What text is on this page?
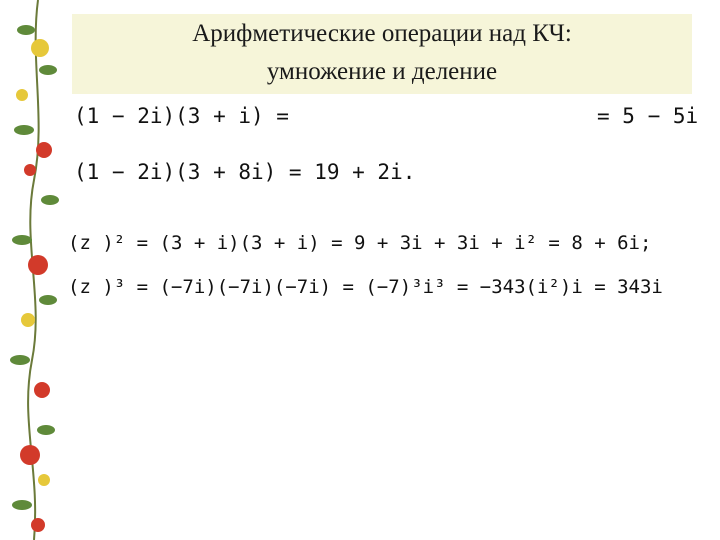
Арифметические операции над КЧ:
умножение и деление
(1 − 2i)(3 + i) =	= 5 − 5i
(1 − 2i)(3 + 8i) = 19 + 2i.
(z )² = (3 + i)(3 + i) = 9 + 3i + 3i + i² = 8 + 6i;
(z )³ = (−7i)(−7i)(−7i) = (−7)³i³ = −343(i²)i = 343i
